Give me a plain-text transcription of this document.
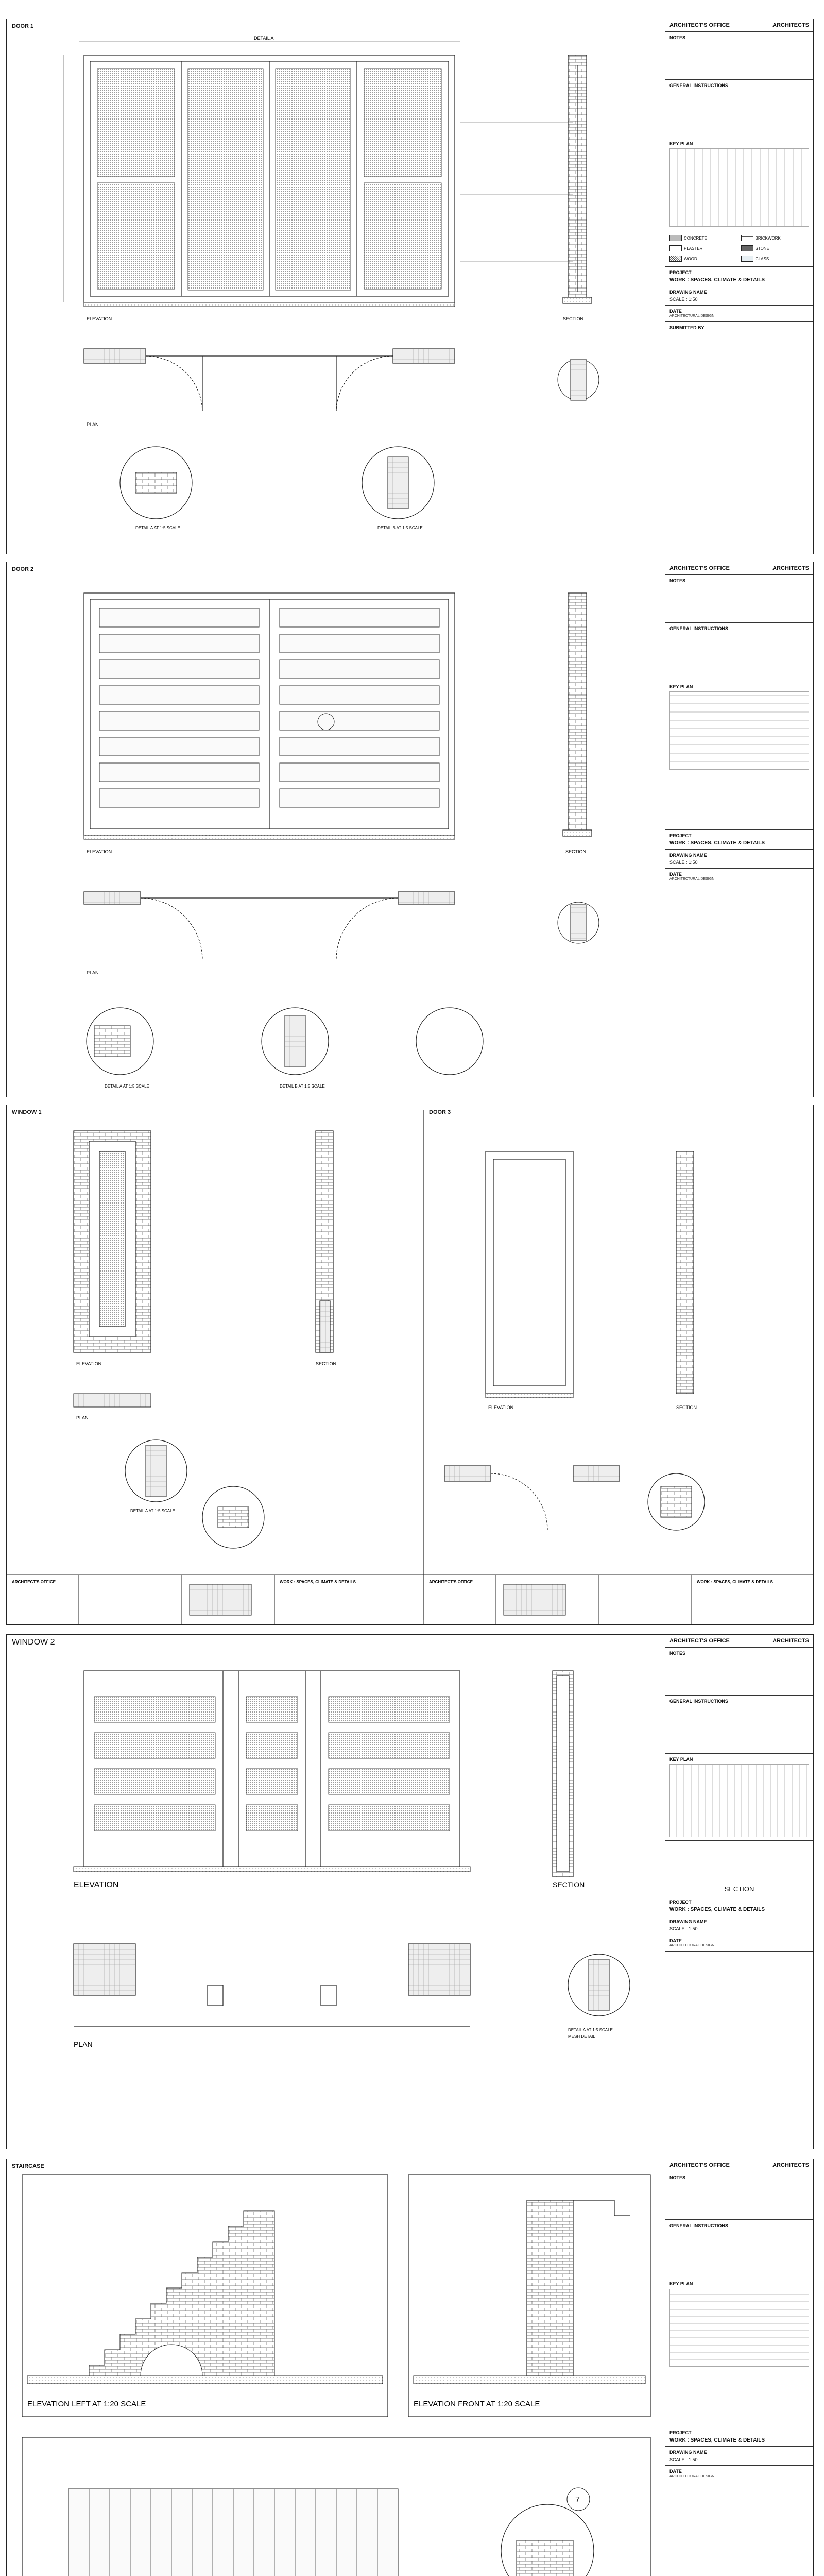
DOOR 1
DETAIL A
ELEVATION
PLAN
DETAIL A AT 1:5 SCALE	DETAIL B AT 1:5 SCALE
SECTION
ARCHITECT'S OFFICE	ARCHITECTS
NOTES
GENERAL INSTRUCTIONS
KEY PLAN
CONCRETE	BRICKWORK
PLASTER	STONE
WOOD	GLASS
PROJECT
WORK : SPACES, CLIMATE & DETAILS
DRAWING NAME
SCALE : 1:50
DATE
ARCHITECTURAL DESIGN
SUBMITTED BY
DOOR 2
ELEVATION
PLAN
DETAIL A AT 1:5 SCALE	DETAIL B AT 1:5 SCALE
SECTION
ARCHITECT'S OFFICE	ARCHITECTS
NOTES
GENERAL INSTRUCTIONS
KEY PLAN
PROJECT
WORK : SPACES, CLIMATE & DETAILS
DRAWING NAME
SCALE : 1:50
DATE
ARCHITECTURAL DESIGN
WINDOW 1	DOOR 3
ELEVATION	SECTION
PLAN
DETAIL A AT 1:5 SCALE
ELEVATION	SECTION
ARCHITECT'S OFFICE	WORK : SPACES, CLIMATE & DETAILS	ARCHITECT'S OFFICE	WORK : SPACES, CLIMATE & DETAILS
WINDOW 2
ELEVATION
PLAN
SECTION
DETAIL A AT 1:5 SCALE
MESH DETAIL
ARCHITECT'S OFFICE	ARCHITECTS
NOTES
GENERAL INSTRUCTIONS
KEY PLAN
SECTION
PROJECT
WORK : SPACES, CLIMATE & DETAILS
DRAWING NAME
SCALE : 1:50
DATE
ARCHITECTURAL DESIGN
STAIRCASE
ELEVATION LEFT AT 1:20 SCALE	ELEVATION FRONT AT 1:20 SCALE
7
ARCHITECT'S OFFICE	ARCHITECTS
NOTES
GENERAL INSTRUCTIONS
KEY PLAN
PROJECT
WORK : SPACES, CLIMATE & DETAILS
DRAWING NAME
SCALE : 1:50
DATE
ARCHITECTURAL DESIGN
